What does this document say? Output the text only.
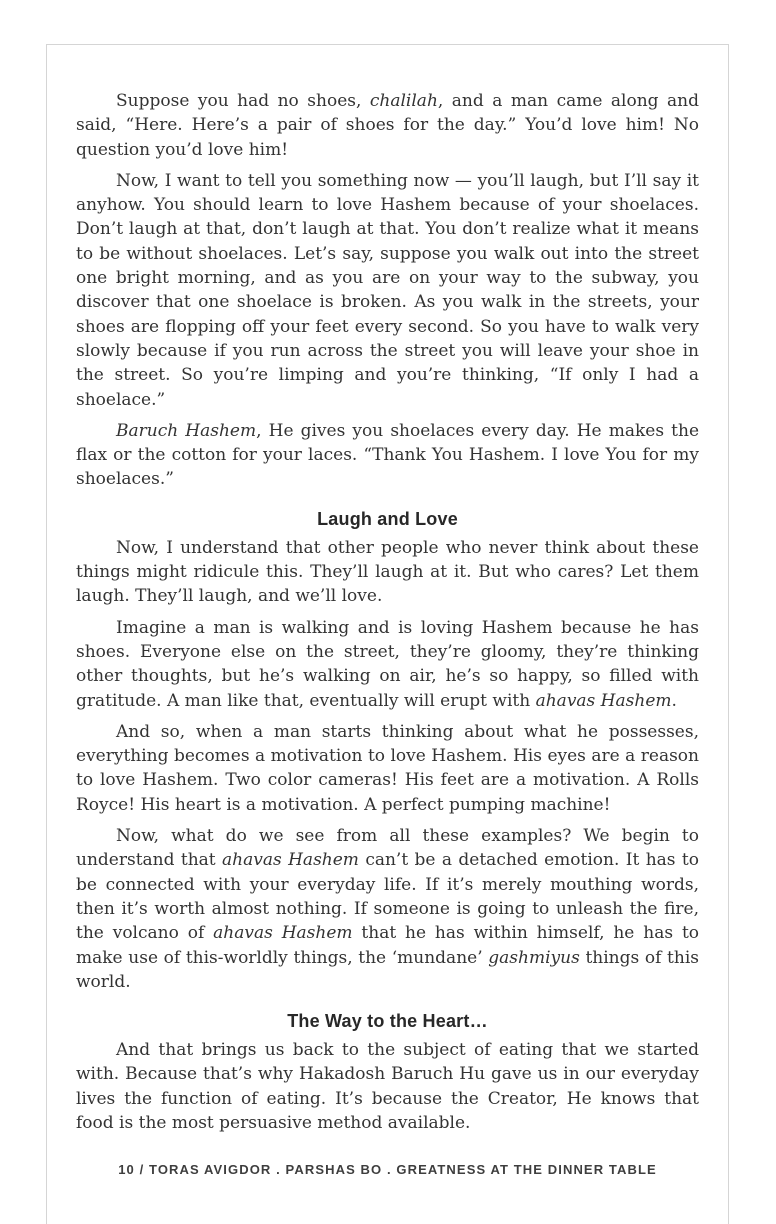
Suppose you had no shoes, chalilah, and a man came along and said, “Here. Here’s a pair of shoes for the day.” You’d love him! No question you’d love him!

Now, I want to tell you something now — you’ll laugh, but I’ll say it anyhow. You should learn to love Hashem because of your shoelaces. Don’t laugh at that, don’t laugh at that. You don’t realize what it means to be without shoelaces. Let’s say, suppose you walk out into the street one bright morning, and as you are on your way to the subway, you discover that one shoelace is broken. As you walk in the streets, your shoes are flopping off your feet every second. So you have to walk very slowly because if you run across the street you will leave your shoe in the street. So you’re limping and you’re thinking, “If only I had a shoelace.”

Baruch Hashem, He gives you shoelaces every day. He makes the flax or the cotton for your laces. “Thank You Hashem. I love You for my shoelaces.”

Laugh and Love

Now, I understand that other people who never think about these things might ridicule this. They’ll laugh at it. But who cares? Let them laugh. They’ll laugh, and we’ll love.

Imagine a man is walking and is loving Hashem because he has shoes. Everyone else on the street, they’re gloomy, they’re thinking other thoughts, but he’s walking on air, he’s so happy, so filled with gratitude. A man like that, eventually will erupt with ahavas Hashem.

And so, when a man starts thinking about what he possesses, everything becomes a motivation to love Hashem. His eyes are a reason to love Hashem. Two color cameras! His feet are a motivation. A Rolls Royce! His heart is a motivation. A perfect pumping machine!

Now, what do we see from all these examples? We begin to understand that ahavas Hashem can’t be a detached emotion. It has to be connected with your everyday life. If it’s merely mouthing words, then it’s worth almost nothing. If someone is going to unleash the fire, the volcano of ahavas Hashem that he has within himself, he has to make use of this-worldly things, the ‘mundane’ gashmiyus things of this world.

The Way to the Heart…

And that brings us back to the subject of eating that we started with. Because that’s why Hakadosh Baruch Hu gave us in our everyday lives the function of eating. It’s because the Creator, He knows that food is the most persuasive method available.

10 / TORAS AVIGDOR . PARSHAS BO . GREATNESS AT THE DINNER TABLE
